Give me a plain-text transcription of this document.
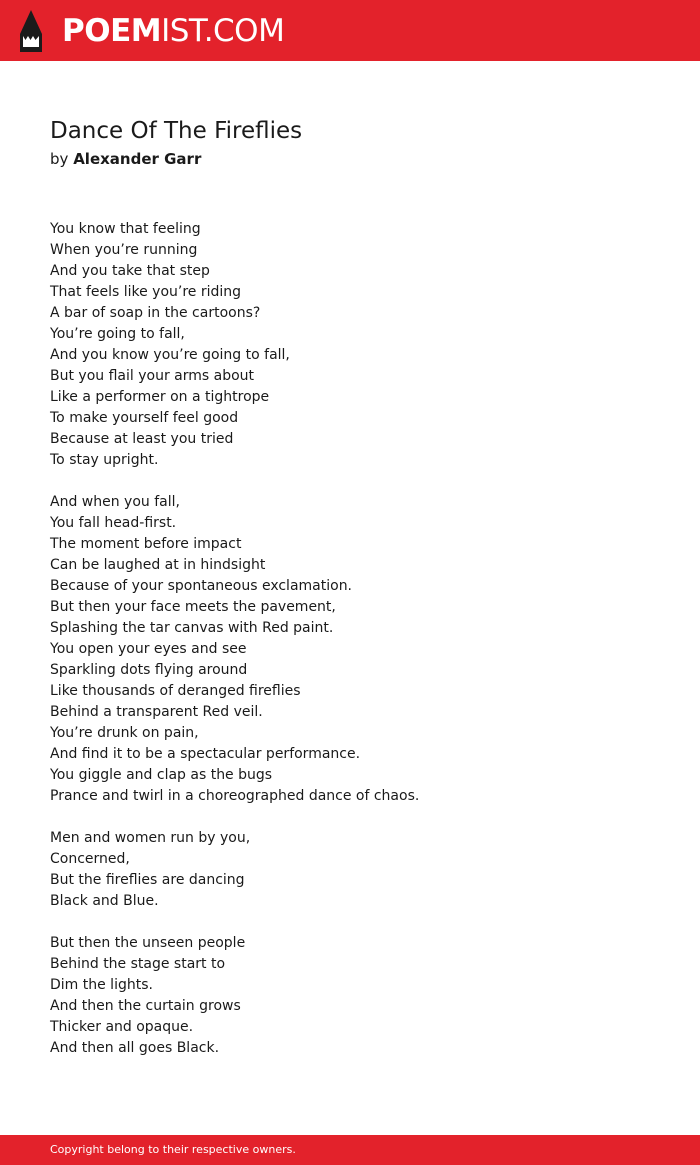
POEMIST.COM
Dance Of The Fireflies
by Alexander Garr
You know that feeling
When you’re running
And you take that step
That feels like you’re riding
A bar of soap in the cartoons?
You’re going to fall,
And you know you’re going to fall,
But you flail your arms about
Like a performer on a tightrope
To make yourself feel good
Because at least you tried
To stay upright.
And when you fall,
You fall head-first.
The moment before impact
Can be laughed at in hindsight
Because of your spontaneous exclamation.
But then your face meets the pavement,
Splashing the tar canvas with Red paint.
You open your eyes and see
Sparkling dots flying around
Like thousands of deranged fireflies
Behind a transparent Red veil.
You’re drunk on pain,
And find it to be a spectacular performance.
You giggle and clap as the bugs
Prance and twirl in a choreographed dance of chaos.
Men and women run by you,
Concerned,
But the fireflies are dancing
Black and Blue.
But then the unseen people
Behind the stage start to
Dim the lights.
And then the curtain grows
Thicker and opaque.
And then all goes Black.
Copyright belong to their respective owners.
